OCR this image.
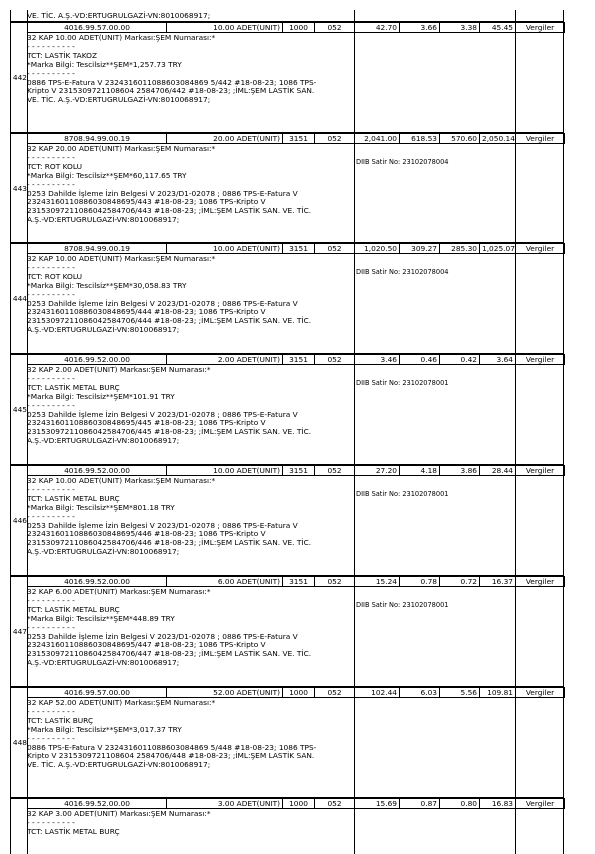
VE. TİC. A.Ş.-VD:ERTUGRULGAZİ-VN:8010068917;
4016.99.57.00.00	10.00 ADET(UNIT)	1000	052	42.70	3.66	3.38	45.45	Vergiler
442
32 KAP 10.00 ADET(UNIT) Markası:ŞEM Numarası:*
- - - - - - - - - -
TCT: LASTİK TAKOZ
*Marka Bilgi: Tescilsiz**ŞEM*1,257.73 TRY
- - - - - - - - - -
0886 TPS-E-Fatura V 2324316011088603084869 5/442 #18-08-23; 1086 TPS-
Kripto V 2315309721108604 2584706/442 #18-08-23; ;İML:ŞEM LASTİK SAN.
VE. TİC. A.Ş.-VD:ERTUGRULGAZİ-VN:8010068917;
8708.94.99.00.19	20.00 ADET(UNIT)	3151	052	2,041.00	618.53	570.60 2,050.14	Vergiler
443
32 KAP 20.00 ADET(UNIT) Markası:ŞEM Numarası:*
- - - - - - - - - -
TCT: ROT KOLU
*Marka Bilgi: Tescilsiz**ŞEM*60,117.65 TRY
- - - - - - - - - -
0253 Dahilde İşleme İzin Belgesi V 2023/D1-02078 ; 0886 TPS-E-Fatura V
23243160110886030848695/443 #18-08-23; 1086 TPS-Kripto V
23153097211086042584706/443 #18-08-23; ;İML:ŞEM LASTİK SAN. VE. TİC.
A.Ş.-VD:ERTUGRULGAZİ-VN:8010068917;
DIIB Satir No: 23102078004
8708.94.99.00.19	10.00 ADET(UNIT)	3151	052	1,020.50	309.27	285.30 1,025.07	Vergiler
444
32 KAP 10.00 ADET(UNIT) Markası:ŞEM Numarası:*
- - - - - - - - - -
TCT: ROT KOLU
*Marka Bilgi: Tescilsiz**ŞEM*30,058.83 TRY
- - - - - - - - - -
0253 Dahilde İşleme İzin Belgesi V 2023/D1-02078 ; 0886 TPS-E-Fatura V
23243160110886030848695/444 #18-08-23; 1086 TPS-Kripto V
23153097211086042584706/444 #18-08-23; ;İML:ŞEM LASTİK SAN. VE. TİC.
A.Ş.-VD:ERTUGRULGAZİ-VN:8010068917;
DIIB Satir No: 23102078004
4016.99.52.00.00	2.00 ADET(UNIT)	3151	052	3.46	0.46	0.42	3.64	Vergiler
445
32 KAP 2.00 ADET(UNIT) Markası:ŞEM Numarası:*
- - - - - - - - - -
TCT: LASTİK METAL BURÇ
*Marka Bilgi: Tescilsiz**ŞEM*101.91 TRY
- - - - - - - - - -
0253 Dahilde İşleme İzin Belgesi V 2023/D1-02078 ; 0886 TPS-E-Fatura V
23243160110886030848695/445 #18-08-23; 1086 TPS-Kripto V
23153097211086042584706/445 #18-08-23; ;İML:ŞEM LASTİK SAN. VE. TİC.
A.Ş.-VD:ERTUGRULGAZİ-VN:8010068917;
DIIB Satir No: 23102078001
4016.99.52.00.00	10.00 ADET(UNIT)	3151	052	27.20	4.18	3.86	28.44	Vergiler
446
32 KAP 10.00 ADET(UNIT) Markası:ŞEM Numarası:*
- - - - - - - - - -
TCT: LASTİK METAL BURÇ
*Marka Bilgi: Tescilsiz**ŞEM*801.18 TRY
- - - - - - - - - -
0253 Dahilde İşleme İzin Belgesi V 2023/D1-02078 ; 0886 TPS-E-Fatura V
23243160110886030848695/446 #18-08-23; 1086 TPS-Kripto V
23153097211086042584706/446 #18-08-23; ;İML:ŞEM LASTİK SAN. VE. TİC.
A.Ş.-VD:ERTUGRULGAZİ-VN:8010068917;
DIIB Satir No: 23102078001
4016.99.52.00.00	6.00 ADET(UNIT)	3151	052	15.24	0.78	0.72	16.37	Vergiler
447
32 KAP 6.00 ADET(UNIT) Markası:ŞEM Numarası:*
- - - - - - - - - -
TCT: LASTİK METAL BURÇ
*Marka Bilgi: Tescilsiz**ŞEM*448.89 TRY
- - - - - - - - - -
0253 Dahilde İşleme İzin Belgesi V 2023/D1-02078 ; 0886 TPS-E-Fatura V
23243160110886030848695/447 #18-08-23; 1086 TPS-Kripto V
23153097211086042584706/447 #18-08-23; ;İML:ŞEM LASTİK SAN. VE. TİC.
A.Ş.-VD:ERTUGRULGAZİ-VN:8010068917;
DIIB Satir No: 23102078001
4016.99.57.00.00	52.00 ADET(UNIT)	1000	052	102.44	6.03	5.56	109.81	Vergiler
448
32 KAP 52.00 ADET(UNIT) Markası:ŞEM Numarası:*
- - - - - - - - - -
TCT: LASTİK BURÇ
*Marka Bilgi: Tescilsiz**ŞEM*3,017.37 TRY
- - - - - - - - - -
0886 TPS-E-Fatura V 2324316011088603084869 5/448 #18-08-23; 1086 TPS-
Kripto V 2315309721108604 2584706/448 #18-08-23; ;İML:ŞEM LASTİK SAN.
VE. TİC. A.Ş.-VD:ERTUGRULGAZİ-VN:8010068917;
4016.99.52.00.00	3.00 ADET(UNIT)	1000	052	15.69	0.87	0.80	16.83	Vergiler
32 KAP 3.00 ADET(UNIT) Markası:ŞEM Numarası:*
- - - - - - - - - -
TCT: LASTİK METAL BURÇ
